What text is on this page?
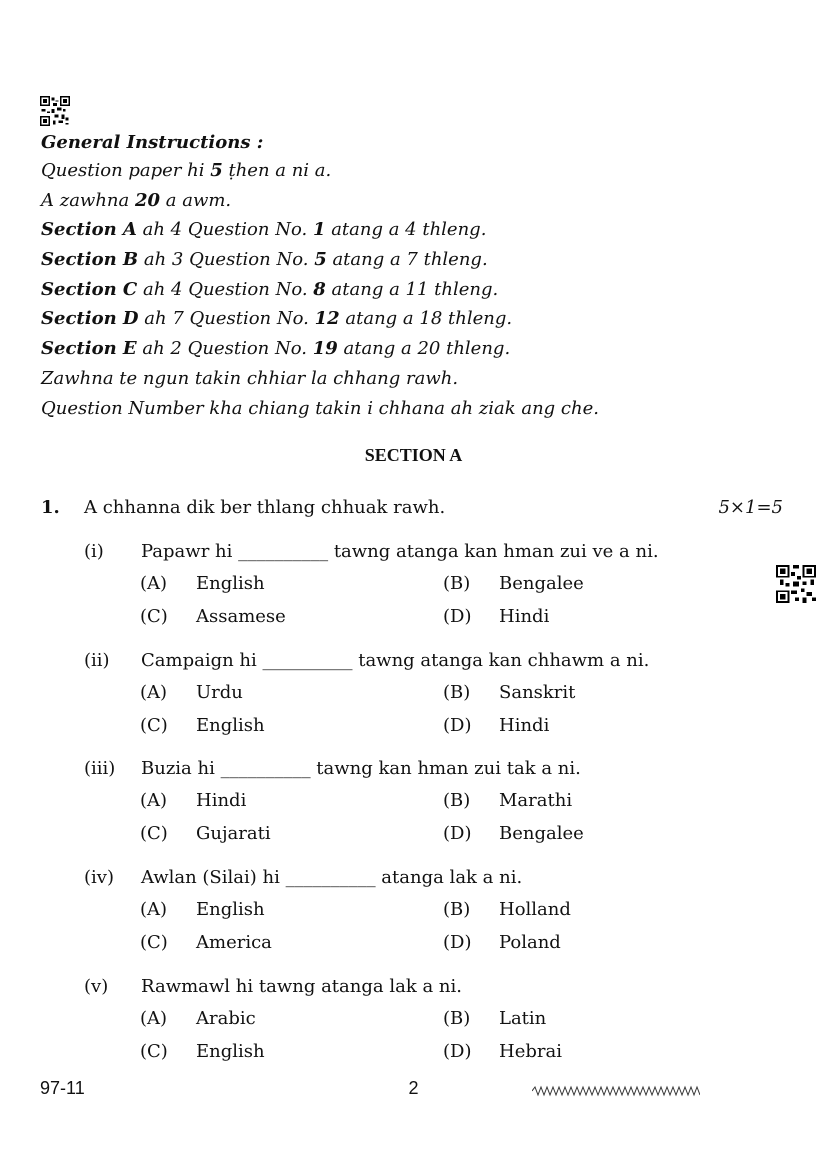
General Instructions :
Question paper hi 5 ṭhen a ni a.
A zawhna 20 a awm.
Section A ah 4 Question No. 1 atang a 4 thleng.
Section B ah 3 Question No. 5 atang a 7 thleng.
Section C ah 4 Question No. 8 atang a 11 thleng.
Section D ah 7 Question No. 12 atang a 18 thleng.
Section E ah 2 Question No. 19 atang a 20 thleng.
Zawhna te ngun takin chhiar la chhang rawh.
Question Number kha chiang takin i chhana ah ziak ang che.
SECTION A
1. A chhanna dik ber thlang chhuak rawh.	5×1=5
(i) Papawr hi __________ tawng atanga kan hman zui ve a ni.
(A) English	(B) Bengalee
(C) Assamese	(D) Hindi
(ii) Campaign hi __________ tawng atanga kan chhawm a ni.
(A) Urdu	(B) Sanskrit
(C) English	(D) Hindi
(iii) Buzia hi __________ tawng kan hman zui tak a ni.
(A) Hindi	(B) Marathi
(C) Gujarati	(D) Bengalee
(iv) Awlan (Silai) hi __________ atanga lak a ni.
(A) English	(B) Holland
(C) America	(D) Poland
(v) Rawmawl hi tawng atanga lak a ni.
(A) Arabic	(B) Latin
(C) English	(D) Hebrai
97-11	2
